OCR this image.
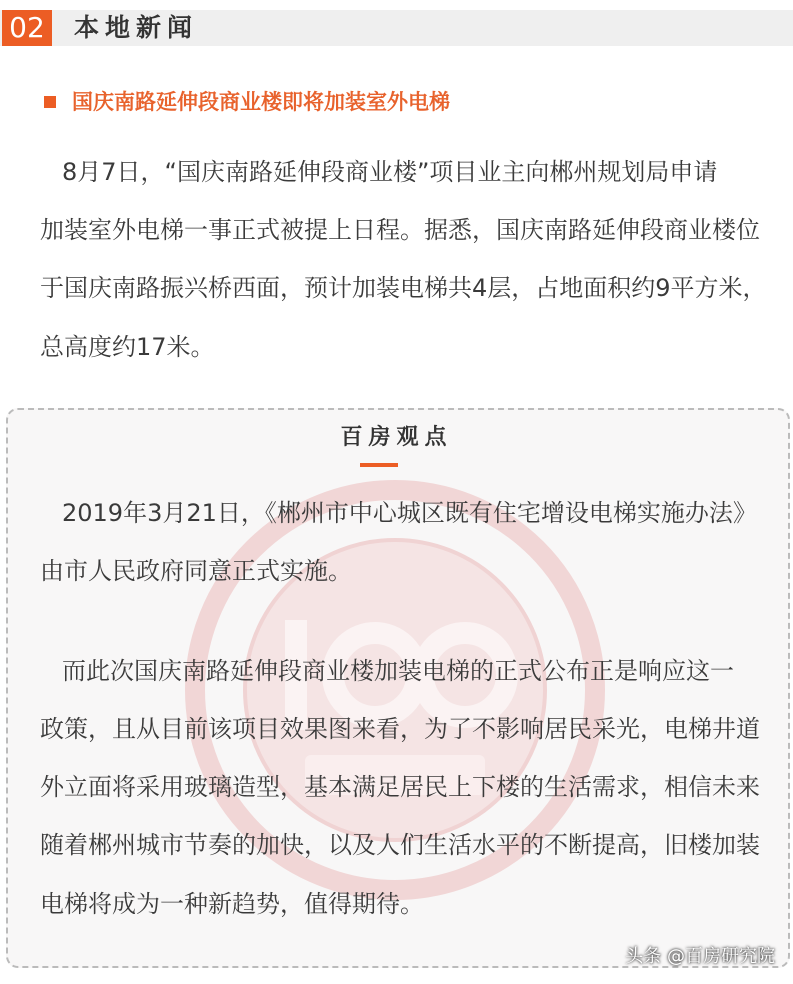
02 本地新闻
国庆南路延伸段商业楼即将加装室外电梯
8月7日，“国庆南路延伸段商业楼”项目业主向郴州规划局申请
加装室外电梯一事正式被提上日程。据悉，国庆南路延伸段商业楼位
于国庆南路振兴桥西面，预计加装电梯共4层，占地面积约9平方米，
总高度约17米。
百房观点
2019年3月21日，《郴州市中心城区既有住宅增设电梯实施办法》
由市人民政府同意正式实施。
而此次国庆南路延伸段商业楼加装电梯的正式公布正是响应这一
政策，且从目前该项目效果图来看，为了不影响居民采光，电梯井道
外立面将采用玻璃造型，基本满足居民上下楼的生活需求，相信未来
随着郴州城市节奏的加快，以及人们生活水平的不断提高，旧楼加装
电梯将成为一种新趋势，值得期待。
头条 @百房研究院
